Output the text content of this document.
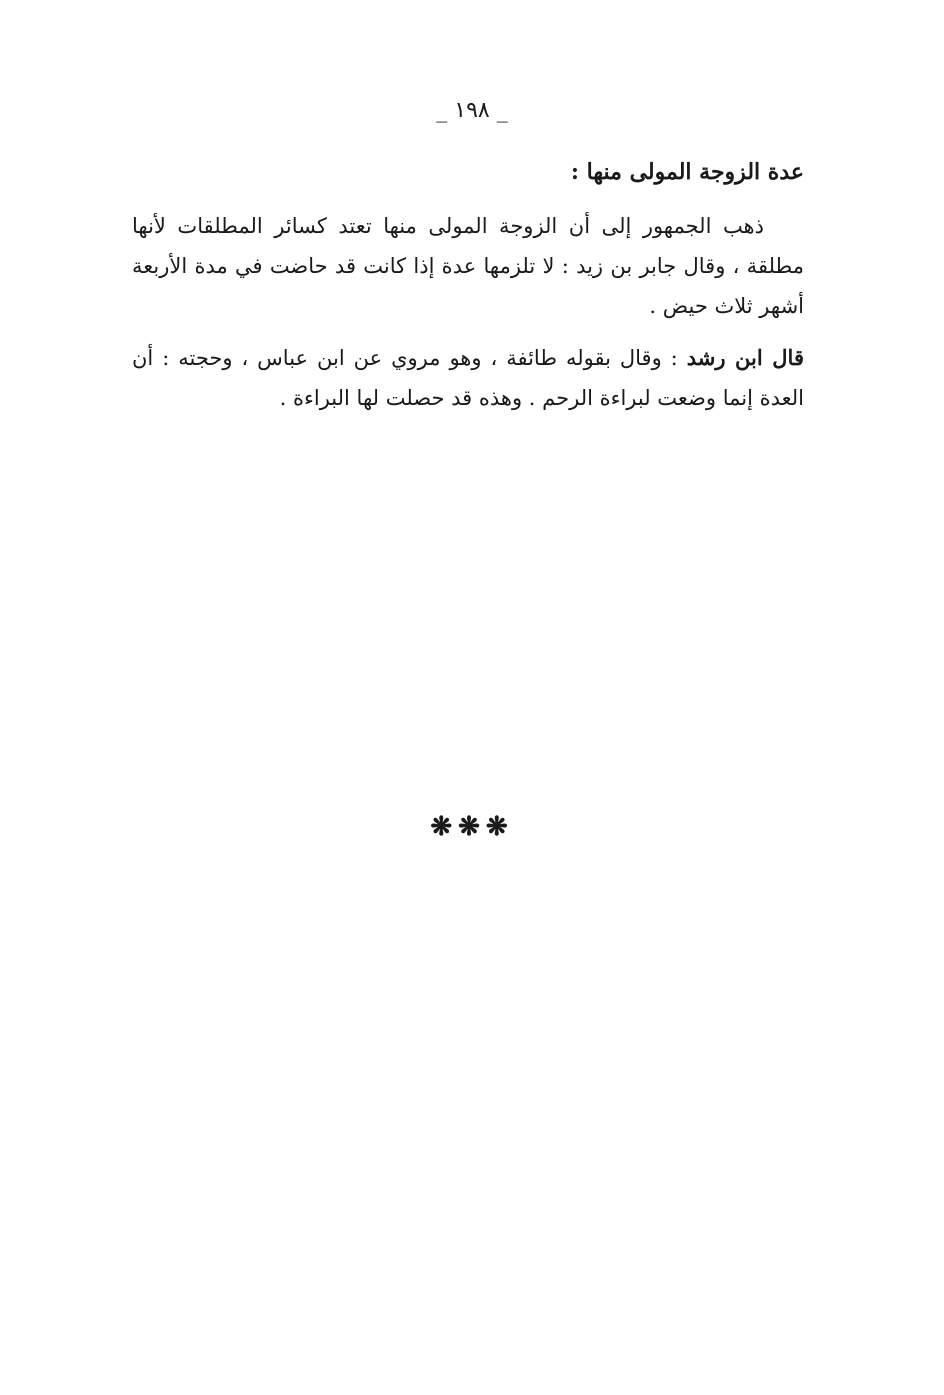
_ ١٩٨ _
عدة الزوجة المولى منها :

ذهب الجمهور إلى أن الزوجة المولى منها تعتد كسائر المطلقات لأنها مطلقة ، وقال جابر بن زيد : لا تلزمها عدة إذا كانت قد حاضت في مدة الأربعة أشهر ثلاث حيض .

قال ابن رشد : وقال بقوله طائفة ، وهو مروي عن ابن عباس ، وحجته : أن العدة إنما وضعت لبراءة الرحم . وهذه قد حصلت لها البراءة .

❋❋❋
